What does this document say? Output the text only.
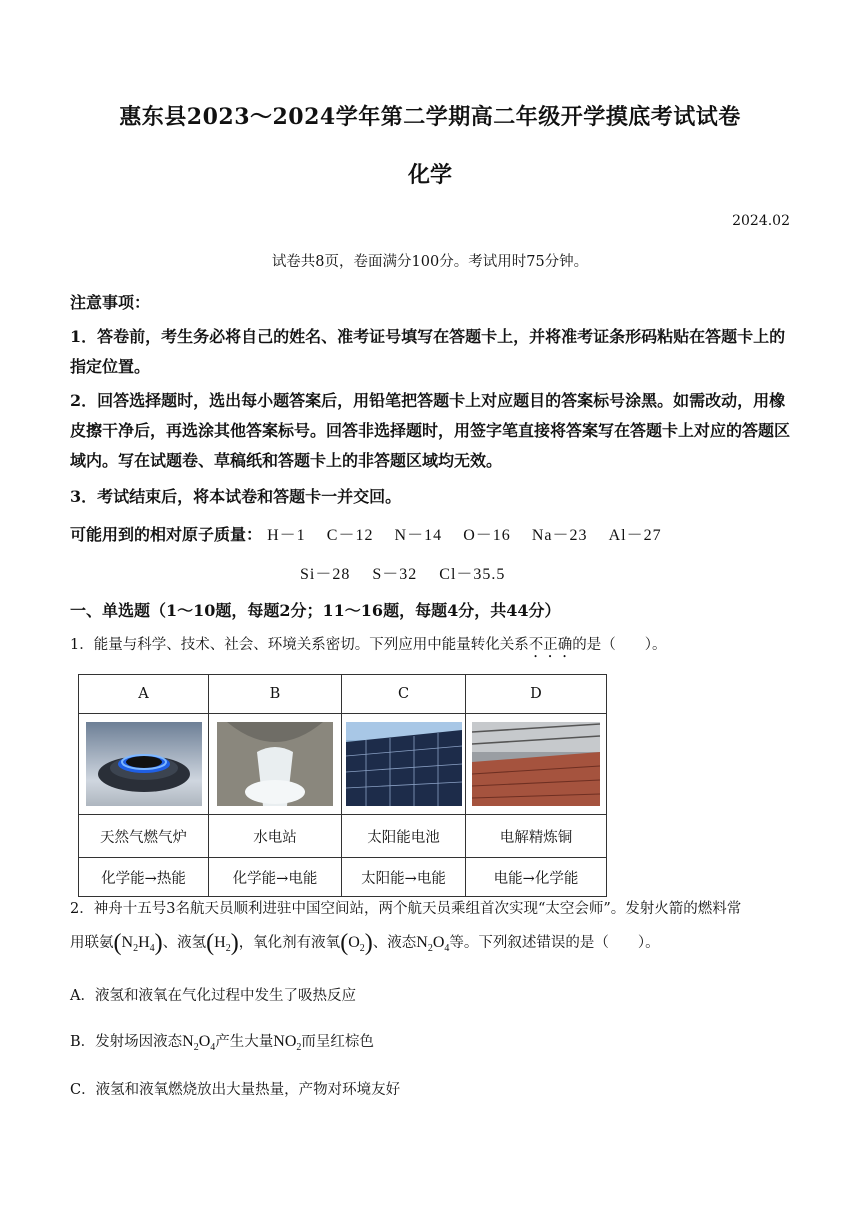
惠东县2023～2024学年第二学期高二年级开学摸底考试试卷
化学
2024.02
试卷共8页，卷面满分100分。考试用时75分钟。
注意事项：
1．答卷前，考生务必将自己的姓名、准考证号填写在答题卡上，并将准考证条形码粘贴在答题卡上的指定位置。
2．回答选择题时，选出每小题答案后，用铅笔把答题卡上对应题目的答案标号涂黑。如需改动，用橡皮擦干净后，再选涂其他答案标号。回答非选择题时，用签字笔直接将答案写在答题卡上对应的答题区域内。写在试题卷、草稿纸和答题卡上的非答题区域均无效。
3．考试结束后，将本试卷和答题卡一并交回。
可能用到的相对原子质量： H－1 C－12 N－14 O－16 Na－23 Al－27
Si－28 S－32 Cl－35.5
一、单选题（1～10题，每题2分；11～16题，每题4分，共44分）
1．能量与科学、技术、社会、环境关系密切。下列应用中能量转化关系不正确的是（　　）。
A	B	C	D

天然气燃气炉	水电站	太阳能电池	电解精炼铜
化学能→热能	化学能→电能	太阳能→电能	电能→化学能
2．神舟十五号3名航天员顺利进驻中国空间站，两个航天员乘组首次实现“太空会师”。发射火箭的燃料常
用联氨$(N_2H_4)$、液氢$(H_2)$，氧化剂有液氧$(O_2)$、液态$N_2O_4$等。下列叙述错误的是（　　）。
A．液氢和液氧在气化过程中发生了吸热反应
B．发射场因液态$N_2O_4$产生大量$NO_2$而呈红棕色
C．液氢和液氧燃烧放出大量热量，产物对环境友好
